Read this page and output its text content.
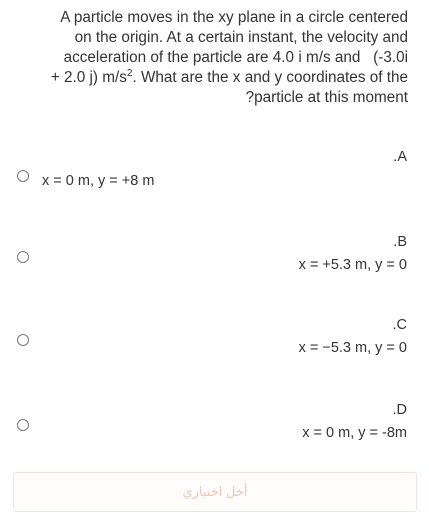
A particle moves in the xy plane in a circle centered
on the origin. At a certain instant, the velocity and
acceleration of the particle are 4.0 i m/s and (-3.0i
+ 2.0 j) $m/s^2$. What are the x and y coordinates of the
?particle at this moment
.A
x = 0 m, y = +8 m
.B
x = +5.3 m, y = 0
.C
x = −5.3 m, y = 0
.D
x = 0 m, y = -8m
أخل اختياري
